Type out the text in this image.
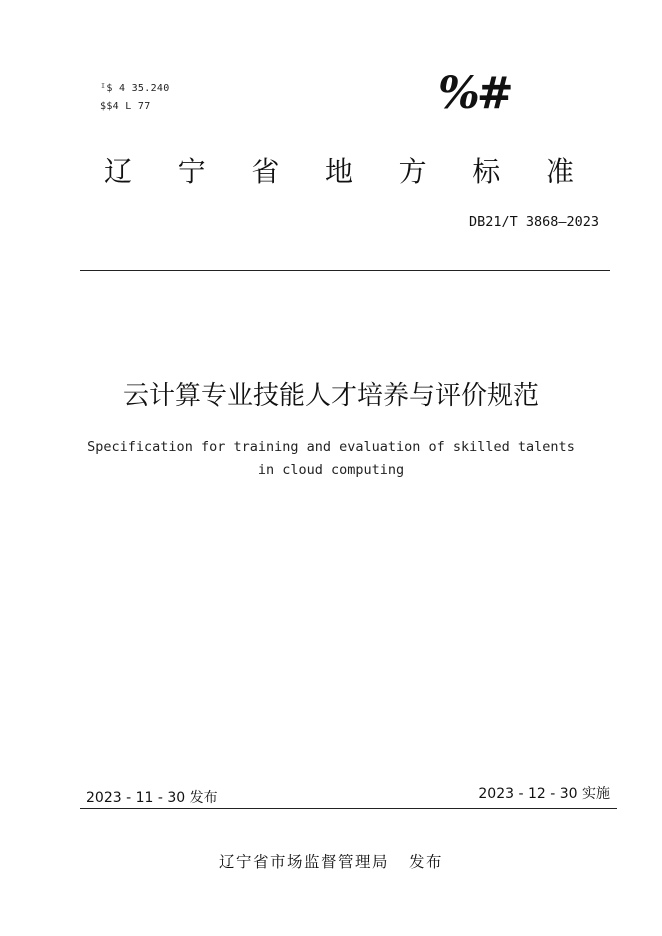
ᴵ$ 4 35.240
$$4 L 77	%#
辽 宁 省 地 方 标 准
DB21/T 3868—2023
云计算专业技能人才培养与评价规范
Specification for training and evaluation of skilled talents
in cloud computing
2023 - 11 - 30 发布	2023 - 12 - 30 实施
辽宁省市场监督管理局 发布
